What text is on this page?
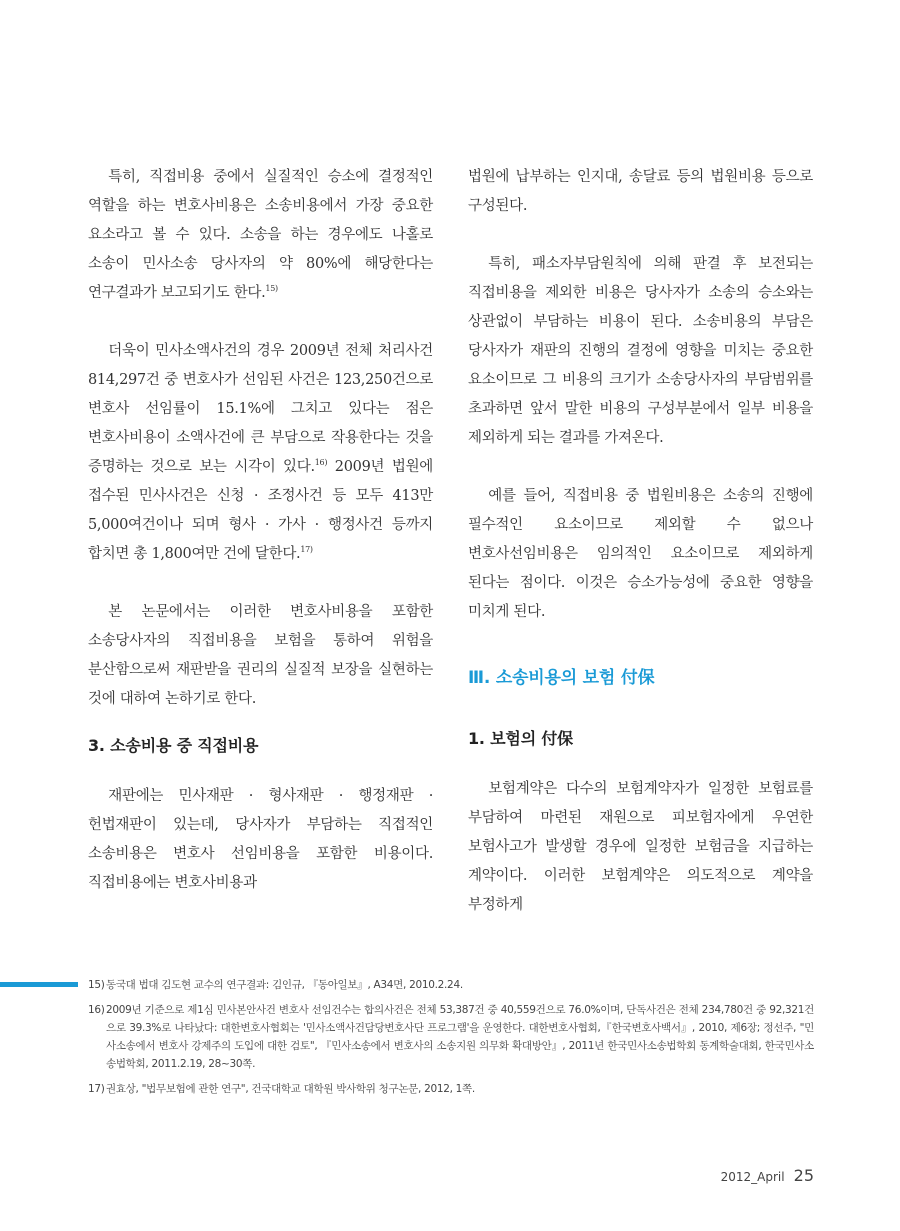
특히, 직접비용 중에서 실질적인 승소에 결정적인 역할을 하는 변호사비용은 소송비용에서 가장 중요한 요소라고 볼 수 있다. 소송을 하는 경우에도 나홀로 소송이 민사소송 당사자의 약 80%에 해당한다는 연구결과가 보고되기도 한다.$^{15)}$

더욱이 민사소액사건의 경우 2009년 전체 처리사건 814,297건 중 변호사가 선임된 사건은 123,250건으로 변호사 선임률이 15.1%에 그치고 있다는 점은 변호사비용이 소액사건에 큰 부담으로 작용한다는 것을 증명하는 것으로 보는 시각이 있다.$^{16)}$ 2009년 법원에 접수된 민사사건은 신청 · 조정사건 등 모두 413만 5,000여건이나 되며 형사 · 가사 · 행정사건 등까지 합치면 총 1,800여만 건에 달한다.$^{17)}$

본 논문에서는 이러한 변호사비용을 포함한 소송당사자의 직접비용을 보험을 통하여 위험을 분산함으로써 재판받을 권리의 실질적 보장을 실현하는 것에 대하여 논하기로 한다.

3. 소송비용 중 직접비용

재판에는 민사재판 · 형사재판 · 행정재판 · 헌법재판이 있는데, 당사자가 부담하는 직접적인 소송비용은 변호사 선임비용을 포함한 비용이다. 직접비용에는 변호사비용과

법원에 납부하는 인지대, 송달료 등의 법원비용 등으로 구성된다.

특히, 패소자부담원칙에 의해 판결 후 보전되는 직접비용을 제외한 비용은 당사자가 소송의 승소와는 상관없이 부담하는 비용이 된다. 소송비용의 부담은 당사자가 재판의 진행의 결정에 영향을 미치는 중요한 요소이므로 그 비용의 크기가 소송당사자의 부담범위를 초과하면 앞서 말한 비용의 구성부분에서 일부 비용을 제외하게 되는 결과를 가져온다.

예를 들어, 직접비용 중 법원비용은 소송의 진행에 필수적인 요소이므로 제외할 수 없으나 변호사선임비용은 임의적인 요소이므로 제외하게 된다는 점이다. 이것은 승소가능성에 중요한 영향을 미치게 된다.

Ⅲ. 소송비용의 보험 付保
1. 보험의 付保

보험계약은 다수의 보험계약자가 일정한 보험료를 부담하여 마련된 재원으로 피보험자에게 우연한 보험사고가 발생할 경우에 일정한 보험금을 지급하는 계약이다. 이러한 보험계약은 의도적으로 계약을 부정하게

15) 동국대 법대 김도현 교수의 연구결과: 김인규, 『동아일보』, A34면, 2010.2.24.
16) 2009년 기준으로 제1심 민사본안사건 변호사 선임건수는 합의사건은 전체 53,387건 중 40,559건으로 76.0%이며, 단독사건은 전체 234,780건 중 92,321건으로 39.3%로 나타났다: 대한변호사협회는 '민사소액사건담당변호사단 프로그램'을 운영한다. 대한변호사협회,『한국변호사백서』, 2010, 제6장; 정선주, "민사소송에서 변호사 강제주의 도입에 대한 검토", 『민사소송에서 변호사의 소송지원 의무화 확대방안』, 2011년 한국민사소송법학회 동계학술대회, 한국민사소송법학회, 2011.2.19, 28~30쪽.
17) 권효상, "법무보험에 관한 연구", 건국대학교 대학원 박사학위 청구논문, 2012, 1쪽.
2012_April 25
